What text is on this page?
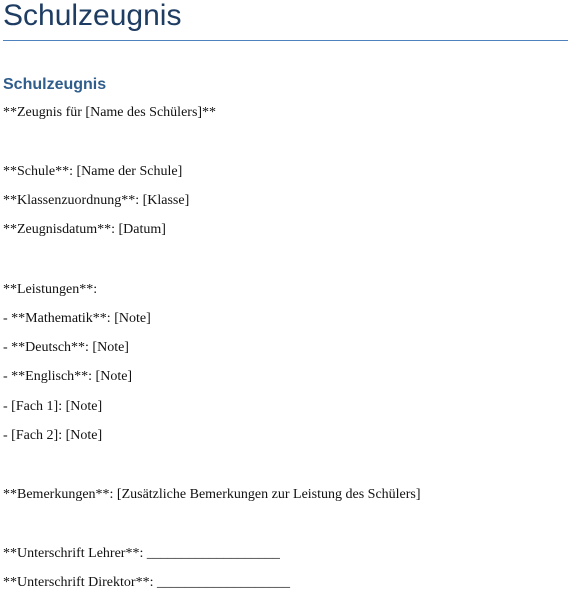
Schulzeugnis
Schulzeugnis

**Zeugnis für [Name des Schülers]**

**Schule**: [Name der Schule]

**Klassenzuordnung**: [Klasse]

**Zeugnisdatum**: [Datum]

**Leistungen**:

- **Mathematik**: [Note]

- **Deutsch**: [Note]

- **Englisch**: [Note]

- [Fach 1]: [Note]

- [Fach 2]: [Note]

**Bemerkungen**: [Zusätzliche Bemerkungen zur Leistung des Schülers]

**Unterschrift Lehrer**: ___________________

**Unterschrift Direktor**: ___________________
